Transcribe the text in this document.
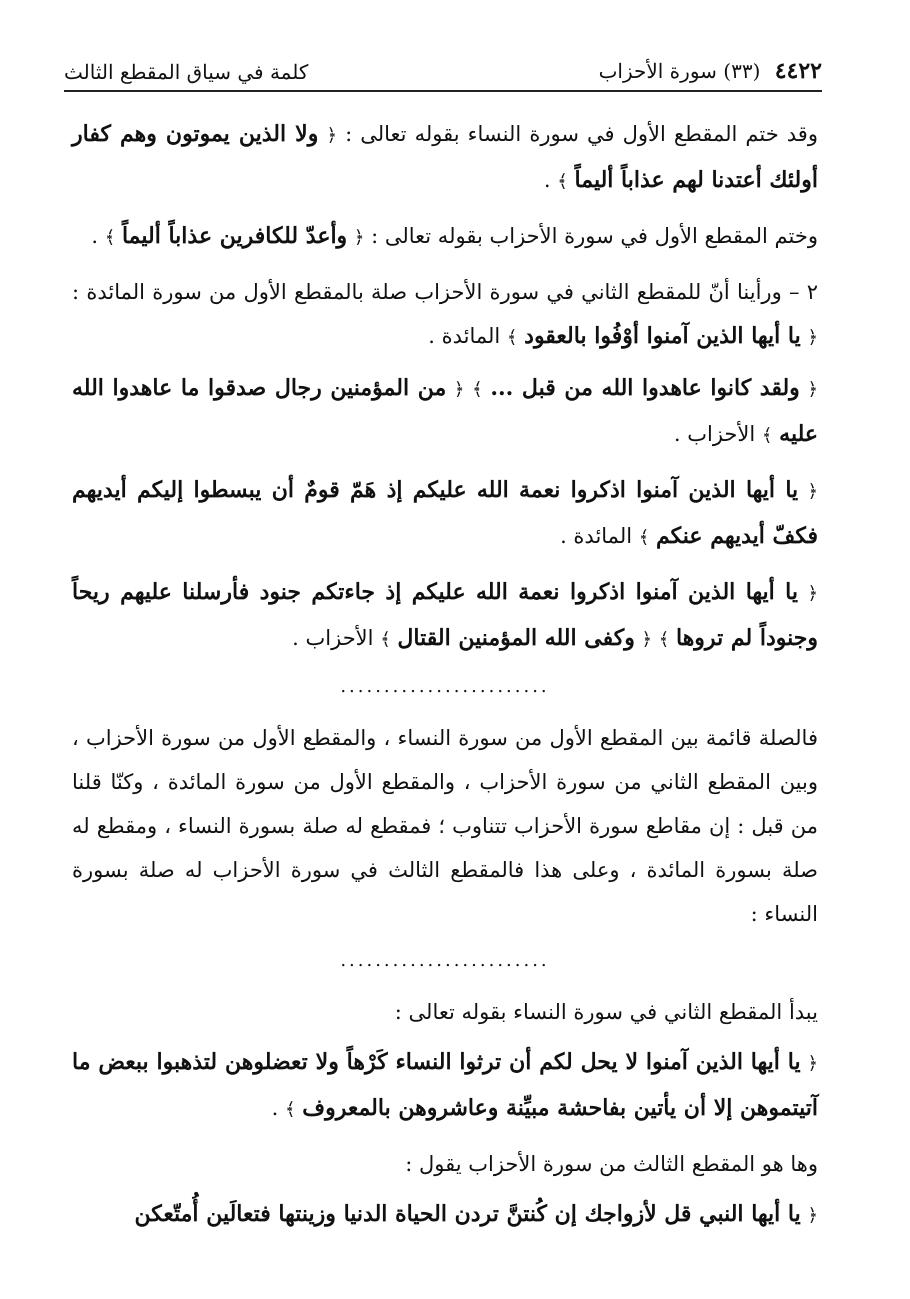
٤٤٢٢ (٣٣) سورة الأحزاب
كلمة في سياق المقطع الثالث

وقد ختم المقطع الأول في سورة النساء بقوله تعالى : ﴿ ولا الذين يموتون وهم كفار أولئك أعتدنا لهم عذاباً أليماً ﴾ .

وختم المقطع الأول في سورة الأحزاب بقوله تعالى : ﴿ وأعدّ للكافرين عذاباً أليماً ﴾ .

٢ – ورأينا أنّ للمقطع الثاني في سورة الأحزاب صلة بالمقطع الأول من سورة المائدة : ﴿ يا أيها الذين آمنوا أوْفُوا بالعقود ﴾ المائدة .

﴿ ولقد كانوا عاهدوا الله من قبل ... ﴾ ﴿ من المؤمنين رجال صدقوا ما عاهدوا الله عليه ﴾ الأحزاب .

﴿ يا أيها الذين آمنوا اذكروا نعمة الله عليكم إذ هَمّ قومٌ أن يبسطوا إليكم أيديهم فكفّ أيديهم عنكم ﴾ المائدة .

﴿ يا أيها الذين آمنوا اذكروا نعمة الله عليكم إذ جاءتكم جنود فأرسلنا عليهم ريحاً وجنوداً لم تروها ﴾ ﴿ وكفى الله المؤمنين القتال ﴾ الأحزاب .

........................

فالصلة قائمة بين المقطع الأول من سورة النساء ، والمقطع الأول من سورة الأحزاب ، وبين المقطع الثاني من سورة الأحزاب ، والمقطع الأول من سورة المائدة ، وكنّا قلنا من قبل : إن مقاطع سورة الأحزاب تتناوب ؛ فمقطع له صلة بسورة النساء ، ومقطع له صلة بسورة المائدة ، وعلى هذا فالمقطع الثالث في سورة الأحزاب له صلة بسورة النساء :

........................

يبدأ المقطع الثاني في سورة النساء بقوله تعالى :

﴿ يا أيها الذين آمنوا لا يحل لكم أن ترثوا النساء كَرْهاً ولا تعضلوهن لتذهبوا ببعض ما آتيتموهن إلا أن يأتين بفاحشة مبيِّنة وعاشروهن بالمعروف ﴾ .

وها هو المقطع الثالث من سورة الأحزاب يقول :

﴿ يا أيها النبي قل لأزواجك إن كُنتنَّ تردن الحياة الدنيا وزينتها فتعالَين أُمتّعكن
